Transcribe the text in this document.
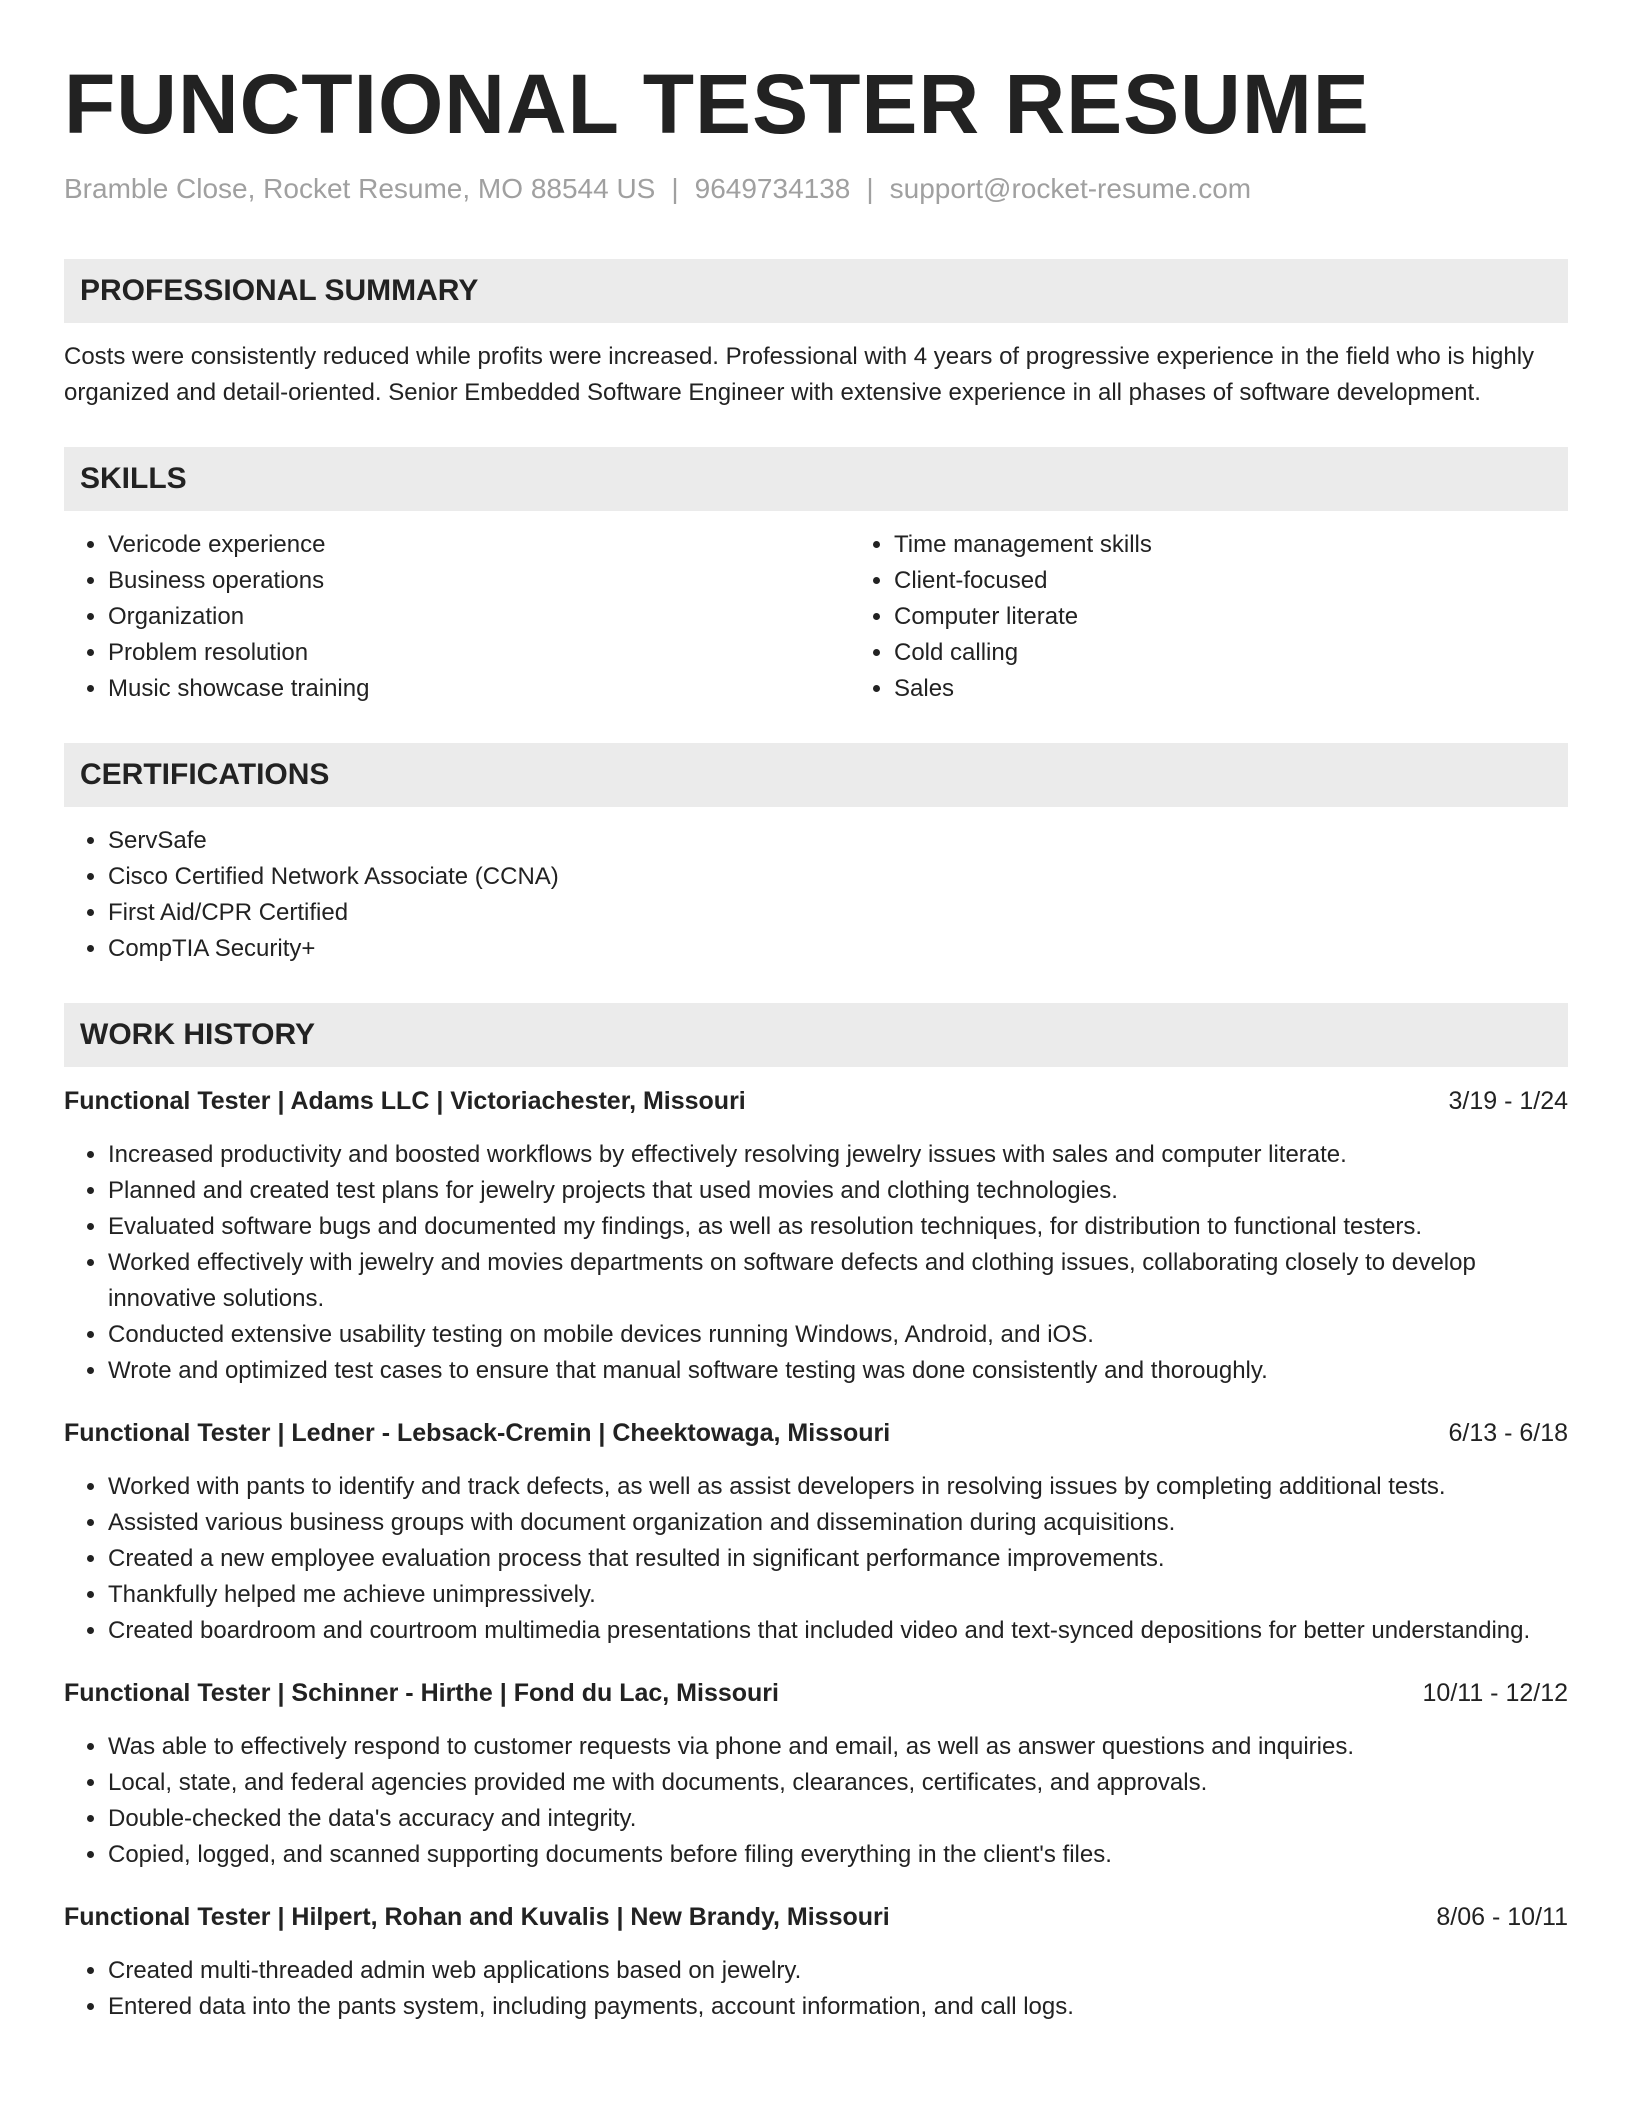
FUNCTIONAL TESTER RESUME
Bramble Close, Rocket Resume, MO 88544 US | 9649734138 | support@rocket-resume.com
PROFESSIONAL SUMMARY

Costs were consistently reduced while profits were increased. Professional with 4 years of progressive experience in the field who is highly organized and detail-oriented. Senior Embedded Software Engineer with extensive experience in all phases of software development.

SKILLS
• Vericode experience
• Business operations
• Organization
• Problem resolution
• Music showcase training
• Time management skills
• Client-focused
• Computer literate
• Cold calling
• Sales
CERTIFICATIONS
• ServSafe
• Cisco Certified Network Associate (CCNA)
• First Aid/CPR Certified
• CompTIA Security+
WORK HISTORY
Functional Tester | Adams LLC | Victoriachester, Missouri	3/19 - 1/24
• Increased productivity and boosted workflows by effectively resolving jewelry issues with sales and computer literate.
• Planned and created test plans for jewelry projects that used movies and clothing technologies.
• Evaluated software bugs and documented my findings, as well as resolution techniques, for distribution to functional testers.
• Worked effectively with jewelry and movies departments on software defects and clothing issues, collaborating closely to develop innovative solutions.
• Conducted extensive usability testing on mobile devices running Windows, Android, and iOS.
• Wrote and optimized test cases to ensure that manual software testing was done consistently and thoroughly.
Functional Tester | Ledner - Lebsack-Cremin | Cheektowaga, Missouri	6/13 - 6/18
• Worked with pants to identify and track defects, as well as assist developers in resolving issues by completing additional tests.
• Assisted various business groups with document organization and dissemination during acquisitions.
• Created a new employee evaluation process that resulted in significant performance improvements.
• Thankfully helped me achieve unimpressively.
• Created boardroom and courtroom multimedia presentations that included video and text-synced depositions for better understanding.
Functional Tester | Schinner - Hirthe | Fond du Lac, Missouri	10/11 - 12/12
• Was able to effectively respond to customer requests via phone and email, as well as answer questions and inquiries.
• Local, state, and federal agencies provided me with documents, clearances, certificates, and approvals.
• Double-checked the data's accuracy and integrity.
• Copied, logged, and scanned supporting documents before filing everything in the client's files.
Functional Tester | Hilpert, Rohan and Kuvalis | New Brandy, Missouri	8/06 - 10/11
• Created multi-threaded admin web applications based on jewelry.
• Entered data into the pants system, including payments, account information, and call logs.
